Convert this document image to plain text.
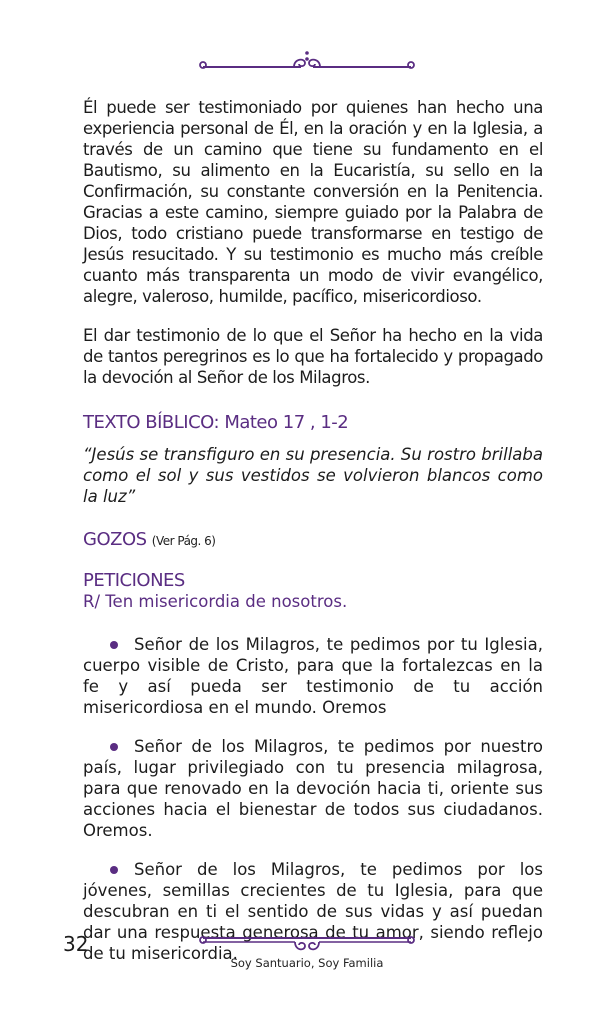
Él puede ser testimoniado por quienes han hecho una experiencia personal de Él, en la oración y en la Iglesia, a través de un camino que tiene su fundamento en el Bautismo, su alimento en la Eucaristía, su sello en la Confirmación, su constante conversión en la Penitencia. Gracias a este camino, siempre guiado por la Palabra de Dios, todo cristiano puede transformarse en testigo de Jesús resucitado. Y su testimonio es mucho más creíble cuanto más transparenta un modo de vivir evangélico, alegre, valeroso, humilde, pacífico, misericordioso.

El dar testimonio de lo que el Señor ha hecho en la vida de tantos peregrinos es lo que ha fortalecido y propagado la devoción al Señor de los Milagros.

TEXTO BÍBLICO: Mateo 17 , 1-2

“Jesús se transfiguro en su presencia. Su rostro brillaba como el sol y sus vestidos se volvieron blancos como la luz”

GOZOS (Ver Pág. 6)

PETICIONES

R/ Ten misericordia de nosotros.

Señor de los Milagros, te pedimos por tu Iglesia, cuerpo visible de Cristo, para que la fortalezcas en la fe y así pueda ser testimonio de tu acción misericordiosa en el mundo. Oremos

Señor de los Milagros, te pedimos por nuestro país, lugar privilegiado con tu presencia milagrosa, para que renovado en la devoción hacia ti, oriente sus acciones hacia el bienestar de todos sus ciudadanos. Oremos.

Señor de los Milagros, te pedimos por los jóvenes, semillas crecientes de tu Iglesia, para que descubran en ti el sentido de sus vidas y así puedan dar una respuesta generosa de tu amor, siendo reflejo de tu misericordia.

32
Soy Santuario, Soy Familia
